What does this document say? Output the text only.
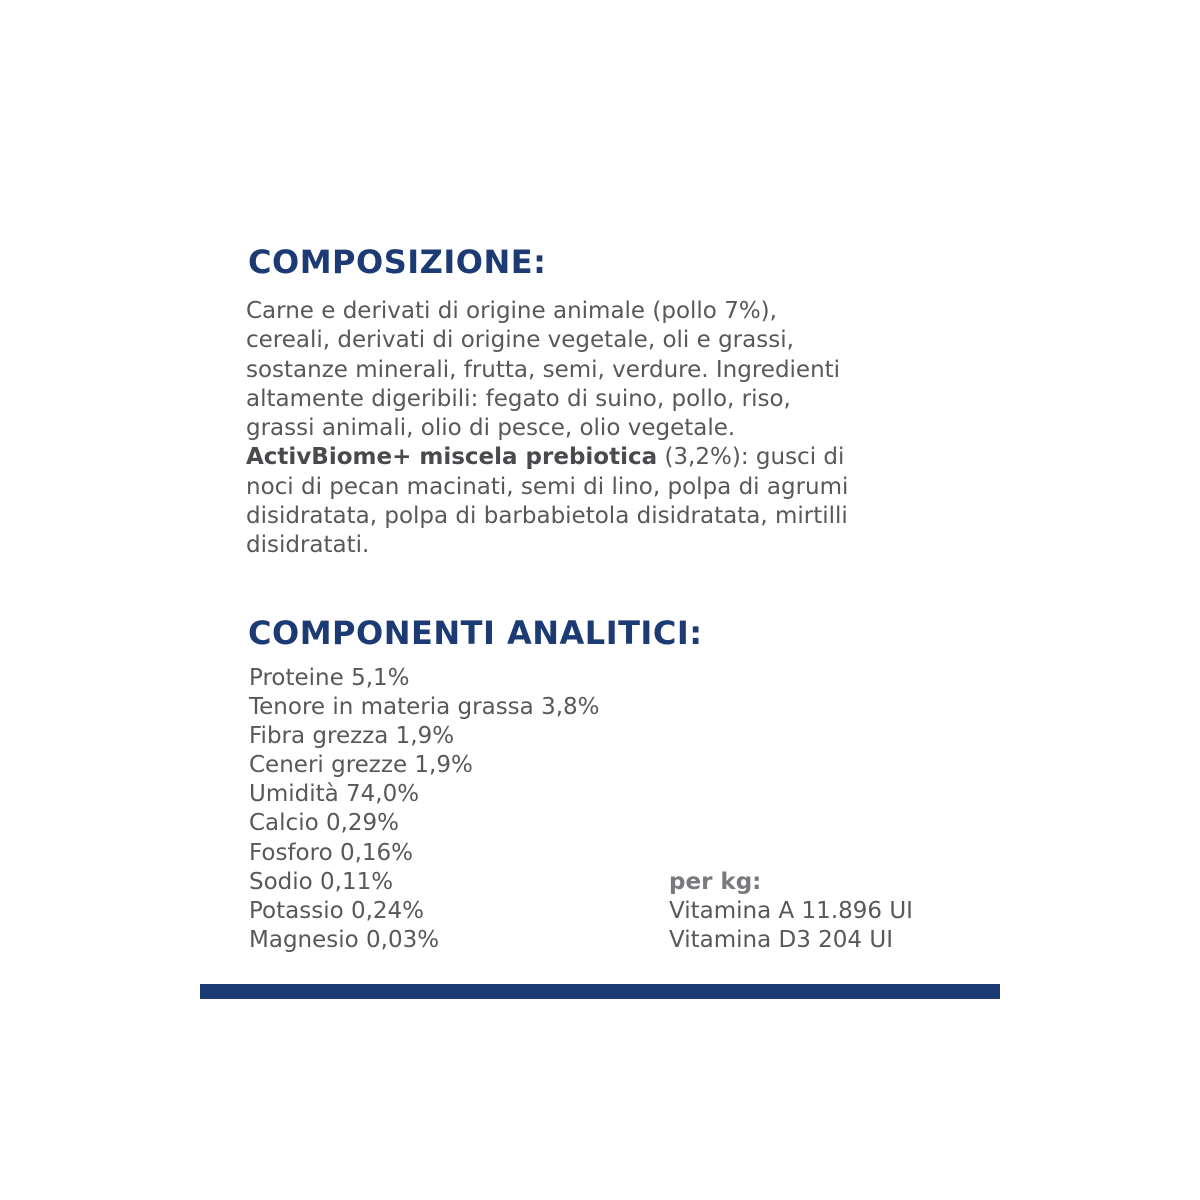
COMPOSIZIONE:

Carne e derivati di origine animale (pollo 7%),
cereali, derivati di origine vegetale, oli e grassi,
sostanze minerali, frutta, semi, verdure. Ingredienti
altamente digeribili: fegato di suino, pollo, riso,
grassi animali, olio di pesce, olio vegetale.
ActivBiome+ miscela prebiotica (3,2%): gusci di
noci di pecan macinati, semi di lino, polpa di agrumi
disidratata, polpa di barbabietola disidratata, mirtilli
disidratati.

COMPONENTI ANALITICI:
Proteine 5,1%
Tenore in materia grassa 3,8%
Fibra grezza 1,9%
Ceneri grezze 1,9%
Umidità 74,0%
Calcio 0,29%
Fosforo 0,16%
Sodio 0,11%
Potassio 0,24%
Magnesio 0,03%
per kg:
Vitamina A 11.896 UI
Vitamina D3 204 UI
